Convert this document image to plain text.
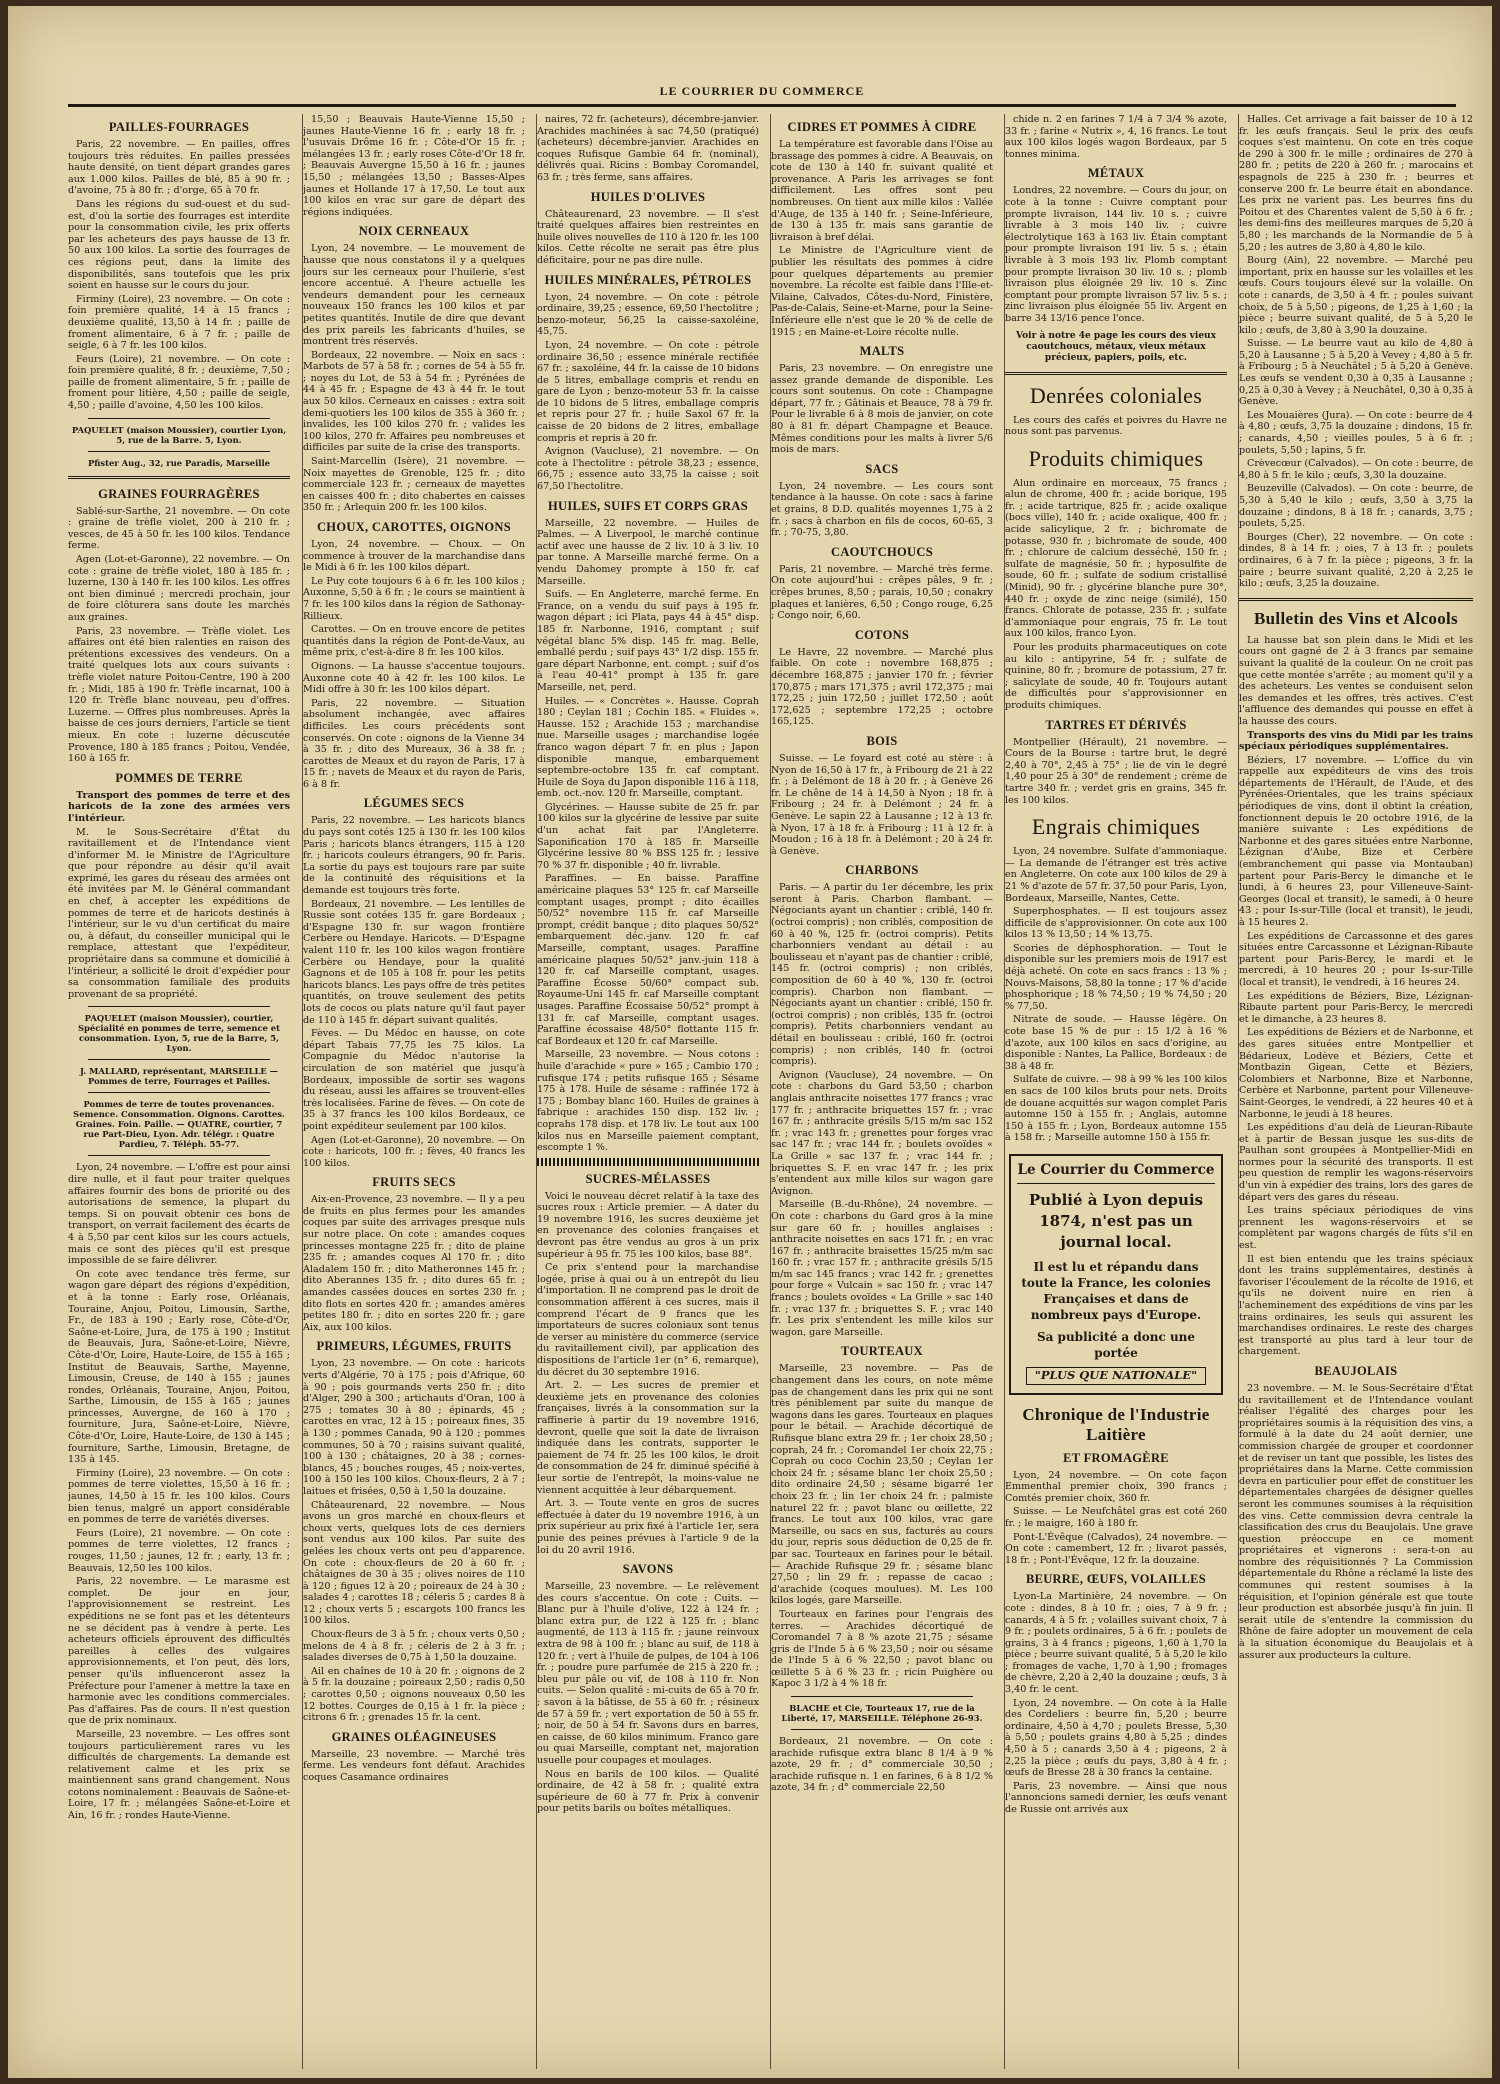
LE COURRIER DU COMMERCE
PAILLES-FOURRAGES

Paris, 22 novembre. — En pailles, offres toujours très réduites. En pailles pressées haute densité, on tient départ grandes gares aux 1.000 kilos. Pailles de blé, 85 à 90 fr. ; d'avoine, 75 à 80 fr. ; d'orge, 65 à 70 fr.

Dans les régions du sud-ouest et du sud-est, d'où la sortie des fourrages est interdite pour la consommation civile, les prix offerts par les acheteurs des pays hausse de 13 fr. 50 aux 100 kilos. La sortie des fourrages de ces régions peut, dans la limite des disponibilités, sans toutefois que les prix soient en hausse sur le cours du jour.

Firminy (Loire), 23 novembre. — On cote : foin première qualité, 14 à 15 francs ; deuxième qualité, 13,50 à 14 fr. ; paille de froment alimentaire, 6 à 7 fr. ; paille de seigle, 6 à 7 fr. les 100 kilos.

Feurs (Loire), 21 novembre. — On cote : foin première qualité, 8 fr. ; deuxième, 7,50 ; paille de froment alimentaire, 5 fr. ; paille de froment pour litière, 4,50 ; paille de seigle, 4,50 ; paille d'avoine, 4,50 les 100 kilos.

PAQUELET (maison Moussier), courtier Lyon, 5, rue de la Barre. 5, Lyon.
Pfister Aug., 32, rue Paradis, Marseille
GRAINES FOURRAGÈRES

Sablé-sur-Sarthe, 21 novembre. — On cote : graine de trèfle violet, 200 à 210 fr. ; vesces, de 45 à 50 fr. les 100 kilos. Tendance ferme.

Agen (Lot-et-Garonne), 22 novembre. — On cote : graine de trèfle violet, 180 à 185 fr. ; luzerne, 130 à 140 fr. les 100 kilos. Les offres ont bien diminué ; mercredi prochain, jour de foire clôturera sans doute les marchés aux graines.

Paris, 23 novembre. — Trèfle violet. Les affaires ont été bien ralenties en raison des prétentions excessives des vendeurs. On a traité quelques lots aux cours suivants : trèfle violet nature Poitou-Centre, 190 à 200 fr. ; Midi, 185 à 190 fr. Trèfle incarnat, 100 à 120 fr. Trèfle blanc nouveau, peu d'offres. Luzerne. — Offres plus nombreuses. Après la baisse de ces jours derniers, l'article se tient mieux. En cote : luzerne décuscutée Provence, 180 à 185 francs ; Poitou, Vendée, 160 à 165 fr.

POMMES DE TERRE

Transport des pommes de terre et des haricots de la zone des armées vers l'intérieur.

M. le Sous-Secrétaire d'État du ravitaillement et de l'Intendance vient d'informer M. le Ministre de l'Agriculture que pour répondre au désir qu'il avait exprimé, les gares du réseau des armées ont été invitées par M. le Général commandant en chef, à accepter les expéditions de pommes de terre et de haricots destinés à l'intérieur, sur le vu d'un certificat du maire ou, à défaut, du conseiller municipal qui le remplace, attestant que l'expéditeur, propriétaire dans sa commune et domicilié à l'intérieur, a sollicité le droit d'expédier pour sa consommation familiale des produits provenant de sa propriété.

PAQUELET (maison Moussier), courtier, Spécialité en pommes de terre, semence et consommation. Lyon, 5, rue de la Barre, 5, Lyon.
J. MALLARD, représentant, MARSEILLE — Pommes de terre, Fourrages et Pailles.
Pommes de terre de toutes provenances. Semence. Consommation. Oignons. Carottes. Graines. Foin. Paille. — QUATRE, courtier, 7 rue Part-Dieu, Lyon. Adr. télégr. : Quatre Pardieu, 7. Téléph. 55-77.

Lyon, 24 novembre. — L'offre est pour ainsi dire nulle, et il faut pour traiter quelques affaires fournir des bons de priorité ou des autorisations de semence, la plupart du temps. Si on pouvait obtenir ces bons de transport, on verrait facilement des écarts de 4 à 5,50 par cent kilos sur les cours actuels, mais ce sont des pièces qu'il est presque impossible de se faire délivrer.

On cote avec tendance très ferme, sur wagon gare départ des régions d'expédition, et à la tonne : Early rose, Orléanais, Touraine, Anjou, Poitou, Limousin, Sarthe, Fr., de 183 à 190 ; Early rose, Côte-d'Or, Saône-et-Loire, Jura, de 175 à 190 ; Institut de Beauvais, Jura, Saône-et-Loire, Nièvre, Côte-d'Or, Loire, Haute-Loire, de 155 à 165 ; Institut de Beauvais, Sarthe, Mayenne, Limousin, Creuse, de 140 à 155 ; jaunes rondes, Orléanais, Touraine, Anjou, Poitou, Sarthe, Limousin, de 155 à 165 ; jaunes princesses, Auvergne, de 160 à 170 ; fourniture, Jura, Saône-et-Loire, Nièvre, Côte-d'Or, Loire, Haute-Loire, de 130 à 145 ; fourniture, Sarthe, Limousin, Bretagne, de 135 à 145.

Firminy (Loire), 23 novembre. — On cote : pommes de terre violettes, 15,50 à 16 fr. ; jaunes, 14,50 à 15 fr. les 100 kilos. Cours bien tenus, malgré un apport considérable en pommes de terre de variétés diverses.

Feurs (Loire), 21 novembre. — On cote : pommes de terre violettes, 12 francs ; rouges, 11,50 ; jaunes, 12 fr. ; early, 13 fr. ; Beauvais, 12,50 les 100 kilos.

Paris, 22 novembre. — Le marasme est complet. De jour en jour, l'approvisionnement se restreint. Les expéditions ne se font pas et les détenteurs ne se décident pas à vendre à perte. Les acheteurs officiels éprouvent des difficultés pareilles à celles des vulgaires approvisionnements, et l'on peut, dès lors, penser qu'ils influenceront assez la Préfecture pour l'amener à mettre la taxe en harmonie avec les conditions commerciales. Pas d'affaires. Pas de cours. Il n'est question que de prix nominaux.

Marseille, 23 novembre. — Les offres sont toujours particulièrement rares vu les difficultés de chargements. La demande est relativement calme et les prix se maintiennent sans grand changement. Nous cotons nominalement : Beauvais de Saône-et-Loire, 17 fr. ; mélangées Saône-et-Loire et Ain, 16 fr. ; rondes Haute-Vienne.

15,50 ; Beauvais Haute-Vienne 15,50 ; jaunes Haute-Vienne 16 fr. ; early 18 fr. ; l'usuvais Drôme 16 fr. ; Côte-d'Or 15 fr. ; mélangées 13 fr. ; early roses Côte-d'Or 18 fr. ; Beauvais Auvergne 15,50 à 16 fr. ; jaunes 15,50 ; mélangées 13,50 ; Basses-Alpes jaunes et Hollande 17 à 17,50. Le tout aux 100 kilos en vrac sur gare de départ des régions indiquées.

NOIX CERNEAUX

Lyon, 24 novembre. — Le mouvement de hausse que nous constatons il y a quelques jours sur les cerneaux pour l'huilerie, s'est encore accentué. A l'heure actuelle les vendeurs demandent pour les cerneaux nouveaux 150 francs les 100 kilos et par petites quantités. Inutile de dire que devant des prix pareils les fabricants d'huiles, se montrent très réservés.

Bordeaux, 22 novembre. — Noix en sacs : Marbots de 57 à 58 fr. ; cornes de 54 à 55 fr. ; noyes du Lot, de 53 à 54 fr. ; Pyrénées de 44 à 45 fr. ; Espagne de 43 à 44 fr. le tout aux 50 kilos. Cerneaux en caisses : extra soit demi-quotiers les 100 kilos de 355 à 360 fr. ; invalides, les 100 kilos 270 fr. ; valides les 100 kilos, 270 fr. Affaires peu nombreuses et difficiles par suite de la crise des transports.

Saint-Marcellin (Isère), 21 novembre. — Noix mayettes de Grenoble, 125 fr. ; dito commerciale 123 fr. ; cerneaux de mayettes en caisses 400 fr. ; dito chabertes en caisses 350 fr. ; Arlequin 200 fr. les 100 kilos.

CHOUX, CAROTTES, OIGNONS

Lyon, 24 novembre. — Choux. — On commence à trouver de la marchandise dans le Midi à 6 fr. les 100 kilos départ.

Le Puy cote toujours 6 à 6 fr. les 100 kilos ; Auxonne, 5,50 à 6 fr. ; le cours se maintient à 7 fr. les 100 kilos dans la région de Sathonay-Rillieux.

Carottes. — On en trouve encore de petites quantités dans la région de Pont-de-Vaux, au même prix, c'est-à-dire 8 fr. les 100 kilos.

Oignons. — La hausse s'accentue toujours. Auxonne cote 40 à 42 fr. les 100 kilos. Le Midi offre à 30 fr. les 100 kilos départ.

Paris, 22 novembre. — Situation absolument inchangée, avec affaires difficiles. Les cours précédents sont conservés. On cote : oignons de la Vienne 34 à 35 fr. ; dito des Mureaux, 36 à 38 fr. ; carottes de Meaux et du rayon de Paris, 17 à 15 fr. ; navets de Meaux et du rayon de Paris, 6 à 8 fr.

LÉGUMES SECS

Paris, 22 novembre. — Les haricots blancs du pays sont cotés 125 à 130 fr. les 100 kilos Paris ; haricots blancs étrangers, 115 à 120 fr. ; haricots couleurs étrangers, 90 fr. Paris. La sortie du pays est toujours rare par suite de la continuité des réquisitions et la demande est toujours très forte.

Bordeaux, 21 novembre. — Les lentilles de Russie sont cotées 135 fr. gare Bordeaux ; d'Espagne 130 fr. sur wagon frontière Cerbère ou Hendaye. Haricots. — D'Espagne valent 110 fr. les 100 kilos wagon frontière Cerbère ou Hendaye, pour la qualité Gagnons et de 105 à 108 fr. pour les petits haricots blancs. Les pays offre de très petites quantités, on trouve seulement des petits lots de cocos ou plats nature qu'il faut payer de 110 à 145 fr. départ suivant qualités.

Fèves. — Du Médoc en hausse, on cote départ Tabais 77,75 les 75 kilos. La Compagnie du Médoc n'autorise la circulation de son matériel que jusqu'à Bordeaux, impossible de sortir ses wagons du réseau, aussi les affaires se trouvent-elles très localisées. Farine de fèves. — On cote de 35 à 37 francs les 100 kilos Bordeaux, ce point expéditeur seulement par 100 kilos.

Agen (Lot-et-Garonne), 20 novembre. — On cote : haricots, 100 fr. ; fèves, 40 francs les 100 kilos.

FRUITS SECS

Aix-en-Provence, 23 novembre. — Il y a peu de fruits en plus fermes pour les amandes coques par suite des arrivages presque nuls sur notre place. On cote : amandes coques princesses montagne 225 fr. ; dito de plaine 235 fr. ; amandes coques Al 170 fr. ; dito Aladalem 150 fr. ; dito Matheronnes 145 fr. ; dito Aberannes 135 fr. ; dito dures 65 fr. ; amandes cassées douces en sortes 230 fr. ; dito flots en sortes 420 fr. ; amandes amères petites 180 fr. ; dito en sortes 220 fr. ; gare Aix, aux 100 kilos.

PRIMEURS, LÉGUMES, FRUITS

Lyon, 23 novembre. — On cote : haricots verts d'Algérie, 70 à 175 ; pois d'Afrique, 60 à 90 ; pois gourmands verts 250 fr. ; dito d'Alger, 290 à 300 ; artichauts d'Oran, 100 à 275 ; tomates 30 à 80 ; épinards, 45 ; carottes en vrac, 12 à 15 ; poireaux fines, 35 à 130 ; pommes Canada, 90 à 120 ; pommes communes, 50 à 70 ; raisins suivant qualité, 100 à 130 ; châtaignes, 20 à 38 ; cornes-blancs, 45 ; bouches rouges, 45 ; noix-vertes, 100 à 150 les 100 kilos. Choux-fleurs, 2 à 7 ; laitues et frisées, 0,50 à 1,50 la douzaine.

Châteaurenard, 22 novembre. — Nous avons un gros marché en choux-fleurs et choux verts, quelques lots de ces derniers sont vendus aux 100 kilos. Par suite des gelées les choux verts ont peu d'apparence. On cote : choux-fleurs de 20 à 60 fr. ; châtaignes de 30 à 35 ; olives noires de 110 à 120 ; figues 12 à 20 ; poireaux de 24 à 30 ; salades 4 ; carottes 18 ; céleris 5 ; cardes 8 à 12 ; choux verts 5 ; escargots 100 francs les 100 kilos.

Choux-fleurs de 3 à 5 fr. ; choux verts 0,50 ; melons de 4 à 8 fr. ; céleris de 2 à 3 fr. ; salades diverses de 0,75 à 1,50 la douzaine.

Ail en chaînes de 10 à 20 fr. ; oignons de 2 à 5 fr. la douzaine ; poireaux 2,50 ; radis 0,50 ; carottes 0,50 ; oignons nouveaux 0,50 les 12 bottes. Courges de 0,15 à 1 fr. la pièce ; citrons 6 fr. ; grenades 15 fr. la cent.

GRAINES OLÉAGINEUSES

Marseille, 23 novembre. — Marché très ferme. Les vendeurs font défaut. Arachides coques Casamance ordinaires

naires, 72 fr. (acheteurs), décembre-janvier. Arachides machinées à sac 74,50 (pratiqué) (acheteurs) décembre-janvier. Arachides en coques Rufisque Gambie 64 fr. (nominal), délivrés quai. Ricins : Bombay Coromandel, 63 fr. ; très ferme, sans affaires.

HUILES D'OLIVES

Châteaurenard, 23 novembre. — Il s'est traité quelques affaires bien restreintes en huile olives nouvelles de 110 à 120 fr. les 100 kilos. Cette récolte ne serait pas être plus déficitaire, pour ne pas dire nulle.

HUILES MINÉRALES, PÉTROLES

Lyon, 24 novembre. — On cote : pétrole ordinaire, 39,25 ; essence, 69,50 l'hectolitre ; benzo-moteur, 56,25 la caisse-saxoléine, 45,75.

Lyon, 24 novembre. — On cote : pétrole ordinaire 36,50 ; essence minérale rectifiée 67 fr. ; saxoléine, 44 fr. la caisse de 10 bidons de 5 litres, emballage compris et rendu en gare de Lyon ; benzo-moteur 53 fr. la caisse de 10 bidons de 5 litres, emballage compris et repris pour 27 fr. ; huile Saxol 67 fr. la caisse de 20 bidons de 2 litres, emballage compris et repris à 20 fr.

Avignon (Vaucluse), 21 novembre. — On cote à l'hectolitre : pétrole 38,23 ; essence, 66,75 ; essence auto 33,75 la caisse ; soit 67,50 l'hectolitre.

HUILES, SUIFS ET CORPS GRAS

Marseille, 22 novembre. — Huiles de Palmes. — A Liverpool, le marché continue actif avec une hausse de 2 liv. 10 à 3 liv. 10 par tonne. A Marseille marché ferme. On a vendu Dahomey prompte à 150 fr. caf Marseille.

Suifs. — En Angleterre, marché ferme. En France, on a vendu du suif pays à 195 fr. wagon départ ; ici Plata, pays 44 à 45° disp. 185 fr. Narbonne, 1916, comptant ; suif végétal blanc 5% disp. 145 fr. mag. Belle, emballé perdu ; suif pays 43° 1/2 disp. 155 fr. gare départ Narbonne, ent. compt. ; suif d'os à l'eau 40-41° prompt à 135 fr. gare Marseille, net, perd.

Huiles. — « Concrètes ». Hausse. Coprah 180 ; Ceylan 181 ; Cochin 185. « Fluides ». Hausse. 152 ; Arachide 153 ; marchandise nue. Marseille usages ; marchandise logée franco wagon départ 7 fr. en plus ; Japon disponible manque, embarquement septembre-octobre 135 fr. caf comptant. Huile de Soya du Japon disponible 116 à 118, emb. oct.-nov. 120 fr. Marseille, comptant.

Glycérines. — Hausse subite de 25 fr. par 100 kilos sur la glycérine de lessive par suite d'un achat fait par l'Angleterre. Saponification 170 à 185 fr. Marseille Glycérine lessive 80 % BSS 125 fr. ; lessive 70 % 37 fr. disponible ; 40 fr. livrable.

Paraffines. — En baisse. Paraffine américaine plaques 53° 125 fr. caf Marseille comptant usages, prompt ; dito écailles 50/52° novembre 115 fr. caf Marseille prompt, crédit banque ; dito plaques 50/52° embarquement déc.-janv. 120 fr. caf Marseille, comptant, usages. Paraffine américaine plaques 50/52° janv.-juin 118 à 120 fr. caf Marseille comptant, usages. Paraffine Écosse 50/60° compact sub. Royaume-Uni 145 fr. caf Marseille comptant usages. Paraffine Écossaise 50/52° prompt à 131 fr. caf Marseille, comptant usages. Paraffine écossaise 48/50° flottante 115 fr. caf Bordeaux et 120 fr. caf Marseille.

Marseille, 23 novembre. — Nous cotons : huile d'arachide « pure » 165 ; Cambio 170 ; rufisque 174 ; petits rufisque 165 ; Sésame 175 à 178. Huile de sésame : raffinée 172 à 175 ; Bombay blanc 160. Huiles de graines à fabrique : arachides 150 disp. 152 liv. ; coprahs 178 disp. et 178 liv. Le tout aux 100 kilos nus en Marseille paiement comptant, escompte 1 %.

SUCRES-MÉLASSES

Voici le nouveau décret relatif à la taxe des sucres roux : Article premier. — A dater du 19 novembre 1916, les sucres deuxième jet en provenance des colonies françaises et devront pas être vendus au gros à un prix supérieur à 95 fr. 75 les 100 kilos, base 88°.

Ce prix s'entend pour la marchandise logée, prise à quai ou à un entrepôt du lieu d'importation. Il ne comprend pas le droit de consommation afférent à ces sucres, mais il comprend l'écart de 9 francs que les importateurs de sucres coloniaux sont tenus de verser au ministère du commerce (service du ravitaillement civil), par application des dispositions de l'article 1er (n° 6, remarque), du décret du 30 septembre 1916.

Art. 2. — Les sucres de premier et deuxième jets en provenance des colonies françaises, livrés à la consommation sur la raffinerie à partir du 19 novembre 1916, devront, quelle que soit la date de livraison indiquée dans les contrats, supporter le paiement de 74 fr. 25 les 100 kilos, le droit de consommation de 24 fr. diminué spécifié à leur sortie de l'entrepôt, la moins-value ne viennent acquittée à leur débarquement.

Art. 3. — Toute vente en gros de sucres effectuée à dater du 19 novembre 1916, à un prix supérieur au prix fixé à l'article 1er, sera punie des peines prévues à l'article 9 de la loi du 20 avril 1916.

SAVONS

Marseille, 23 novembre. — Le relèvement des cours s'accentue. On cote : Cuits. — Blanc pur à l'huile d'olive, 122 à 124 fr. ; blanc extra pur, de 122 à 125 fr. ; blanc augmenté, de 113 à 115 fr. ; jaune reinvoux extra de 98 à 100 fr. ; blanc au suif, de 118 à 120 fr. ; vert à l'huile de pulpes, de 104 à 106 fr. ; poudre pure parfumée de 215 à 220 fr. ; bleu pur pâle ou vif, de 108 à 110 fr. Non cuits. — Selon qualité : mi-cuits de 65 à 70 fr. ; savon à la bâtisse, de 55 à 60 fr. ; résineux de 57 à 59 fr. ; vert exportation de 50 à 55 fr. ; noir, de 50 à 54 fr. Savons durs en barres, en caisse, de 60 kilos minimum. Franco gare ou quai Marseille, comptant net, majoration usuelle pour coupages et moulages.

Nous en barils de 100 kilos. — Qualité ordinaire, de 42 à 58 fr. ; qualité extra supérieure de 60 à 77 fr. Prix à convenir pour petits barils ou boîtes métalliques.

CIDRES ET POMMES À CIDRE

La température est favorable dans l'Oise au brassage des pommes à cidre. A Beauvais, on cote de 130 à 140 fr. suivant qualité et provenance. A Paris les arrivages se font difficilement. Les offres sont peu nombreuses. On tient aux mille kilos : Vallée d'Auge, de 135 à 140 fr. ; Seine-Inférieure, de 130 à 135 fr. mais sans garantie de livraison à bref délai.

Le Ministre de l'Agriculture vient de publier les résultats des pommes à cidre pour quelques départements au premier novembre. La récolte est faible dans l'Ille-et-Vilaine, Calvados, Côtes-du-Nord, Finistère, Pas-de-Calais, Seine-et-Marne, pour la Seine-Inférieure elle n'est que le 20 % de celle de 1915 ; en Maine-et-Loire récolte nulle.

MALTS

Paris, 23 novembre. — On enregistre une assez grande demande de disponible. Les cours sont soutenus. On cote : Champagne départ, 77 fr. ; Gâtinais et Beauce, 78 à 79 fr. Pour le livrable 6 à 8 mois de janvier, on cote 80 à 81 fr. départ Champagne et Beauce. Mêmes conditions pour les malts à livrer 5/6 mois de mars.

SACS

Lyon, 24 novembre. — Les cours sont tendance à la hausse. On cote : sacs à farine et grains, 8 D.D. qualités moyennes 1,75 à 2 fr. ; sacs à charbon en fils de cocos, 60-65, 3 fr. ; 70-75, 3,80.

CAOUTCHOUCS

Paris, 21 novembre. — Marché très ferme. On cote aujourd'hui : crêpes pâles, 9 fr. ; crêpes brunes, 8,50 ; parais, 10,50 ; conakry plaques et lanières, 6,50 ; Congo rouge, 6,25 ; Congo noir, 6,60.

COTONS

Le Havre, 22 novembre. — Marché plus faible. On cote : novembre 168,875 ; décembre 168,875 ; janvier 170 fr. ; février 170,875 ; mars 171,375 ; avril 172,375 ; mai 172,25 ; juin 172,50 ; juillet 172,50 ; août 172,625 ; septembre 172,25 ; octobre 165,125.

BOIS

Suisse. — Le foyard est coté au stère : à Nyon de 16,50 à 17 fr., à Fribourg de 21 à 22 fr. ; à Delémont de 18 à 20 fr. ; à Genève 26 fr. Le chêne de 14 à 14,50 à Nyon ; 18 fr. à Fribourg ; 24 fr. à Delémont ; 24 fr. à Genève. Le sapin 22 à Lausanne ; 12 à 13 fr. à Nyon, 17 à 18 fr. à Fribourg ; 11 à 12 fr. à Moudon ; 16 à 18 fr. à Delémont ; 20 à 24 fr. à Genève.

CHARBONS

Paris. — A partir du 1er décembre, les prix seront à Paris. Charbon flambant. — Négociants ayant un chantier : criblé, 140 fr. (octroi compris) ; non criblés, composition de 60 à 40 %, 125 fr. (octroi compris). Petits charbonniers vendant au détail : au boulisseau et n'ayant pas de chantier : criblé, 145 fr. (octroi compris) ; non criblés, composition de 60 à 40 %, 130 fr. (octroi compris). Charbon non flambant. — Négociants ayant un chantier : criblé, 150 fr. (octroi compris) ; non criblés, 135 fr. (octroi compris). Petits charbonniers vendant au détail en boulisseau : criblé, 160 fr. (octroi compris) ; non criblés, 140 fr. (octroi compris).

Avignon (Vaucluse), 24 novembre. — On cote : charbons du Gard 53,50 ; charbon anglais anthracite noisettes 177 francs ; vrac 177 fr. ; anthracite briquettes 157 fr. ; vrac 167 fr. ; anthracite grésils 5/15 m/m sac 152 fr. ; vrac 143 fr. ; grenettes pour forges vrac sac 147 fr. ; vrac 144 fr. ; boulets ovoïdes « La Grille » sac 137 fr. ; vrac 144 fr. ; briquettes S. F. en vrac 147 fr. ; les prix s'entendent aux mille kilos sur wagon gare Avignon.

Marseille (B.-du-Rhône), 24 novembre. — On cote : charbons du Gard gros à la mine sur gare 60 fr. ; houilles anglaises : anthracite noisettes en sacs 171 fr. ; en vrac 167 fr. ; anthracite braisettes 15/25 m/m sac 160 fr. ; vrac 157 fr. ; anthracite grésils 5/15 m/m sac 145 francs ; vrac 142 fr. ; grenettes pour forge « Vulcain » sac 150 fr. ; vrac 147 francs ; boulets ovoïdes « La Grille » sac 140 fr. ; vrac 137 fr. ; briquettes S. F. ; vrac 140 fr. Les prix s'entendent les mille kilos sur wagon, gare Marseille.

TOURTEAUX

Marseille, 23 novembre. — Pas de changement dans les cours, on note même pas de changement dans les prix qui ne sont très péniblement par suite du manque de wagons dans les gares. Tourteaux en plaques pour le bétail. — Arachide décortiqué de Rufisque blanc extra 29 fr. ; 1er choix 28,50 ; coprah, 24 fr. ; Coromandel 1er choix 22,75 ; Coprah ou coco Cochin 23,50 ; Ceylan 1er choix 24 fr. ; sésame blanc 1er choix 25,50 ; dito ordinaire 24,50 ; sésame bigarré 1er choix 23 fr. ; lin 1er choix 24 fr. ; palmiste naturel 22 fr. ; pavot blanc ou œillette, 22 francs. Le tout aux 100 kilos, vrac gare Marseille, ou sacs en sus, facturés au cours du jour, repris sous déduction de 0,25 de fr. par sac. Tourteaux en farines pour le bétail. — Arachide Rufisque 29 fr. ; sésame blanc 27,50 ; lin 29 fr. ; repasse de cacao ; d'arachide (coques moulues). M. Les 100 kilos logés, gare Marseille.

Tourteaux en farines pour l'engrais des terres. — Arachides décortiqué de Coromandel 7 à 8 % azote 21,75 ; sésame gris de l'Inde 5 à 6 % 23,50 ; noir ou sésame de l'Inde 5 à 6 % 22,50 ; pavot blanc ou œillette 5 à 6 % 23 fr. ; ricin Puighère ou Kapoc 3 1/2 à 4 % 18 fr.

BLACHE et Cie, Tourteaux 17, rue de la Liberté, 17, MARSEILLE. Téléphone 26-93.

Bordeaux, 21 novembre. — On cote : arachide rufisque extra blanc 8 1/4 à 9 % azote, 29 fr. ; d° commerciale 30,50 ; arachide rufisque n. 1 en farines, 6 à 8 1/2 % azote, 34 fr. ; d° commerciale 22,50

chide n. 2 en farines 7 1/4 à 7 3/4 % azote, 33 fr. ; farine « Nutrix », 4, 16 francs. Le tout aux 100 kilos logés wagon Bordeaux, par 5 tonnes minima.

MÉTAUX

Londres, 22 novembre. — Cours du jour, on cote à la tonne : Cuivre comptant pour prompte livraison, 144 liv. 10 s. ; cuivre livrable à 3 mois 140 liv. ; cuivre électrolytique 163 à 163 liv. Étain comptant pour prompte livraison 191 liv. 5 s. ; étain livrable à 3 mois 193 liv. Plomb comptant pour prompte livraison 30 liv. 10 s. ; plomb livraison plus éloignée 29 liv. 10 s. Zinc comptant pour prompte livraison 57 liv. 5 s. ; zinc livraison plus éloignée 55 liv. Argent en barre 34 13/16 pence l'once.

Voir à notre 4e page les cours des vieux caoutchoucs, métaux, vieux métaux précieux, papiers, poils, etc.
Denrées coloniales

Les cours des cafés et poivres du Havre ne nous sont pas parvenus.

Produits chimiques

Alun ordinaire en morceaux, 75 francs ; alun de chrome, 400 fr. ; acide borique, 195 fr. ; acide tartrique, 825 fr. ; acide oxalique (bocs ville), 140 fr. ; acide oxalique, 400 fr. ; acide salicylique, 2 fr. ; bichromate de potasse, 930 fr. ; bichromate de soude, 400 fr. ; chlorure de calcium desséché, 150 fr. ; sulfate de magnésie, 50 fr. ; hyposulfite de soude, 60 fr. ; sulfate de sodium cristallisé (Minid), 90 fr. ; glycérine blanche pure 30°, 440 fr. ; oxyde de zinc neige (similé), 150 francs. Chlorate de potasse, 235 fr. ; sulfate d'ammoniaque pour engrais, 75 fr. Le tout aux 100 kilos, franco Lyon.

Pour les produits pharmaceutiques on cote au kilo : antipyrine, 54 fr. ; sulfate de quinine, 80 fr. ; bromure de potassium, 27 fr. ; salicylate de soude, 40 fr. Toujours autant de difficultés pour s'approvisionner en produits chimiques.

TARTRES ET DÉRIVÉS

Montpellier (Hérault), 21 novembre. — Cours de la Bourse : tartre brut, le degré 2,40 à 70°, 2,45 à 75° ; lie de vin le degré 1,40 pour 25 à 30° de rendement ; crème de tartre 340 fr. ; verdet gris en grains, 345 fr. les 100 kilos.

Engrais chimiques

Lyon, 24 novembre. Sulfate d'ammoniaque. — La demande de l'étranger est très active en Angleterre. On cote aux 100 kilos de 29 à 21 % d'azote de 57 fr. 37,50 pour Paris, Lyon, Bordeaux, Marseille, Nantes, Cette.

Superphosphates. — Il est toujours assez difficile de s'approvisionner. On cote aux 100 kilos 13 % 13,50 ; 14 % 13,75.

Scories de déphosphoration. — Tout le disponible sur les premiers mois de 1917 est déjà acheté. On cote en sacs francs : 13 % ; Nouvs-Maisons, 58,80 la tonne ; 17 % d'acide phosphorique ; 18 % 74,50 ; 19 % 74,50 ; 20 % 77,50.

Nitrate de soude. — Hausse légère. On cote base 15 % de pur : 15 1/2 à 16 % d'azote, aux 100 kilos en sacs d'origine, au disponible : Nantes, La Pallice, Bordeaux : de 38 à 48 fr.

Sulfate de cuivre. — 98 à 99 % les 100 kilos en sacs de 100 kilos bruts pour nets. Droits de douane acquittés sur wagon complet Paris automne 150 à 155 fr. ; Anglais, automne 150 à 155 fr. ; Lyon, Bordeaux automne 155 à 158 fr. ; Marseille automne 150 à 155 fr.

Le Courrier du Commerce
Publié à Lyon depuis 1874, n'est pas un journal local.
Il est lu et répandu dans toute la France, les colonies Françaises et dans de nombreux pays d'Europe.
Sa publicité a donc une portée
"PLUS QUE NATIONALE"
Chronique de l'Industrie Laitière
ET FROMAGÈRE

Lyon, 24 novembre. — On cote façon Emmenthal premier choix, 390 francs ; Comtés premier choix, 360 fr.

Suisse. — Le Neufchâtel gras est coté 260 fr. ; le maigre, 160 à 180 fr.

Pont-L'Évêque (Calvados), 24 novembre. — On cote : camembert, 12 fr. ; livarot passés, 18 fr. ; Pont-l'Évêque, 12 fr. la douzaine.

BEURRE, ŒUFS, VOLAILLES

Lyon-La Martinière, 24 novembre. — On cote : dindes, 8 à 10 fr. ; oies, 7 à 9 fr. ; canards, 4 à 5 fr. ; volailles suivant choix, 7 à 9 fr. ; poulets ordinaires, 5 à 6 fr. ; poulets de grains, 3 à 4 francs ; pigeons, 1,60 à 1,70 la pièce ; beurre suivant qualité, 5 à 5,20 le kilo ; fromages de vache, 1,70 à 1,90 ; fromages de chèvre, 2,20 à 2,40 la douzaine ; œufs, 3 à 3,40 fr. le cent.

Lyon, 24 novembre. — On cote à la Halle des Cordeliers : beurre fin, 5,20 ; beurre ordinaire, 4,50 à 4,70 ; poulets Bresse, 5,30 à 5,50 ; poulets grains 4,80 à 5,25 ; dindes 4,50 à 5 ; canards 3,50 à 4 ; pigeons, 2 à 2,25 la pièce ; œufs du pays, 3,80 à 4 fr. ; œufs de Bresse 28 à 30 francs la centaine.

Paris, 23 novembre. — Ainsi que nous l'annoncions samedi dernier, les œufs venant de Russie ont arrivés aux

Halles. Cet arrivage a fait baisser de 10 à 12 fr. les œufs français. Seul le prix des œufs coques s'est maintenu. On cote en très coque de 290 à 300 fr. le mille ; ordinaires de 270 à 280 fr. ; petits de 220 à 260 fr. ; marocains et espagnols de 225 à 230 fr. ; beurres et conserve 200 fr. Le beurre était en abondance. Les prix ne varient pas. Les beurres fins du Poitou et des Charentes valent de 5,50 à 6 fr. ; les demi-fins des meilleures marques de 5,20 à 5,80 ; les marchands de la Normandie de 5 à 5,20 ; les autres de 3,80 à 4,80 le kilo.

Bourg (Ain), 22 novembre. — Marché peu important, prix en hausse sur les volailles et les œufs. Cours toujours élevé sur la volaille. On cote : canards, de 3,50 à 4 fr. ; poules suivant choix, de 5 à 5,50 ; pigeons, de 1,25 à 1,60 ; la pièce ; beurre suivant qualité, de 5 à 5,20 le kilo ; œufs, de 3,80 à 3,90 la douzaine.

Suisse. — Le beurre vaut au kilo de 4,80 à 5,20 à Lausanne ; 5 à 5,20 à Vevey ; 4,80 à 5 fr. à Fribourg ; 5 à Neuchâtel ; 5 à 5,20 à Genève. Les œufs se vendent 0,30 à 0,35 à Lausanne ; 0,25 à 0,30 à Vevey ; à Neuchâtel, 0,30 à 0,35 à Genève.

Les Mouaières (Jura). — On cote : beurre de 4 à 4,80 ; œufs, 3,75 la douzaine ; dindons, 15 fr. ; canards, 4,50 ; vieilles poules, 5 à 6 fr. ; poulets, 5,50 ; lapins, 5 fr.

Crèvecœur (Calvados). — On cote : beurre, de 4,80 à 5 fr. le kilo ; œufs, 3,30 la douzaine.

Beuzeville (Calvados). — On cote : beurre, de 5,30 à 5,40 le kilo ; œufs, 3,50 à 3,75 la douzaine ; dindons, 8 à 18 fr. ; canards, 3,75 ; poulets, 5,25.

Bourges (Cher), 22 novembre. — On cote : dindes, 8 à 14 fr. ; oies, 7 à 13 fr. ; poulets ordinaires, 6 à 7 fr. la pièce ; pigeons, 3 fr. la paire ; beurre suivant qualité, 2,20 à 2,25 le kilo ; œufs, 3,25 la douzaine.

Bulletin des Vins et Alcools

La hausse bat son plein dans le Midi et les cours ont gagné de 2 à 3 francs par semaine suivant la qualité de la couleur. On ne croit pas que cette montée s'arrête ; au moment qu'il y a des acheteurs. Les ventes se conduisent selon les demandes et les offres, très actives. C'est l'affluence des demandes qui pousse en effet à la hausse des cours.

Transports des vins du Midi par les trains spéciaux périodiques supplémentaires.

Béziers, 17 novembre. — L'office du vin rappelle aux expéditeurs de vins des trois départements de l'Hérault, de l'Aude, et des Pyrénées-Orientales, que les trains spéciaux périodiques de vins, dont il obtint la création, fonctionnent depuis le 20 octobre 1916, de la manière suivante : Les expéditions de Narbonne et des gares situées entre Narbonne, Lézignan d'Aube, Bize et Cerbère (embranchement qui passe via Montauban) partent pour Paris-Bercy le dimanche et le lundi, à 6 heures 23, pour Villeneuve-Saint-Georges (local et transit), le samedi, à 0 heure 43 ; pour Is-sur-Tille (local et transit), le jeudi, à 15 heures 2.

Les expéditions de Carcassonne et des gares situées entre Carcassonne et Lézignan-Ribaute partent pour Paris-Bercy, le mardi et le mercredi, à 10 heures 20 ; pour Is-sur-Tille (local et transit), le vendredi, à 16 heures 24.

Les expéditions de Béziers, Bize, Lézignan-Ribaute partent pour Paris-Bercy, le mercredi et le dimanche, à 23 heures 8.

Les expéditions de Béziers et de Narbonne, et des gares situées entre Montpellier et Bédarieux, Lodève et Béziers, Cette et Montbazin Gigean, Cette et Béziers, Colombiers et Narbonne, Bize et Narbonne, Cerbère et Narbonne, partent pour Villeneuve-Saint-Georges, le vendredi, à 22 heures 40 et à Narbonne, le jeudi à 18 heures.

Les expéditions d'au delà de Lieuran-Ribaute et à partir de Bessan jusque les sus-dits de Paulhan sont groupées à Montpellier-Midi en normes pour la sécurité des transports. Il est peu question de remplir les wagons-réservoirs d'un vin à expédier des trains, lors des gares de départ vers des gares du réseau.

Les trains spéciaux périodiques de vins prennent les wagons-réservoirs et se complètent par wagons chargés de fûts s'il en est.

Il est bien entendu que les trains spéciaux dont les trains supplémentaires, destinés à favoriser l'écoulement de la récolte de 1916, et qu'ils ne doivent nuire en rien à l'acheminement des expéditions de vins par les trains ordinaires, les seuls qui assurent les marchandises ordinaires. Le reste des charges est transporté au plus tard à leur tour de chargement.

BEAUJOLAIS

23 novembre. — M. le Sous-Secrétaire d'État du ravitaillement et de l'Intendance voulant réaliser l'égalité des charges pour les propriétaires soumis à la réquisition des vins, a formulé à la date du 24 août dernier, une commission chargée de grouper et coordonner et de reviser un tant que possible, les listes des propriétaires dans la Marne. Cette commission devra en particulier pour effet de constituer les départementales chargées de désigner quelles seront les communes soumises à la réquisition des vins. Cette commission devra centrale la classification des crus du Beaujolais. Une grave question préoccupe en ce moment propriétaires et vignerons : sera-t-on au nombre des réquisitionnés ? La Commission départementale du Rhône a réclamé la liste des communes qui restent soumises à la réquisition, et l'opinion générale est que toute leur production est absorbée jusqu'à fin juin. Il serait utile de s'entendre la commission du Rhône de faire adopter un mouvement de cela à la situation économique du Beaujolais et à assurer aux producteurs la culture.
